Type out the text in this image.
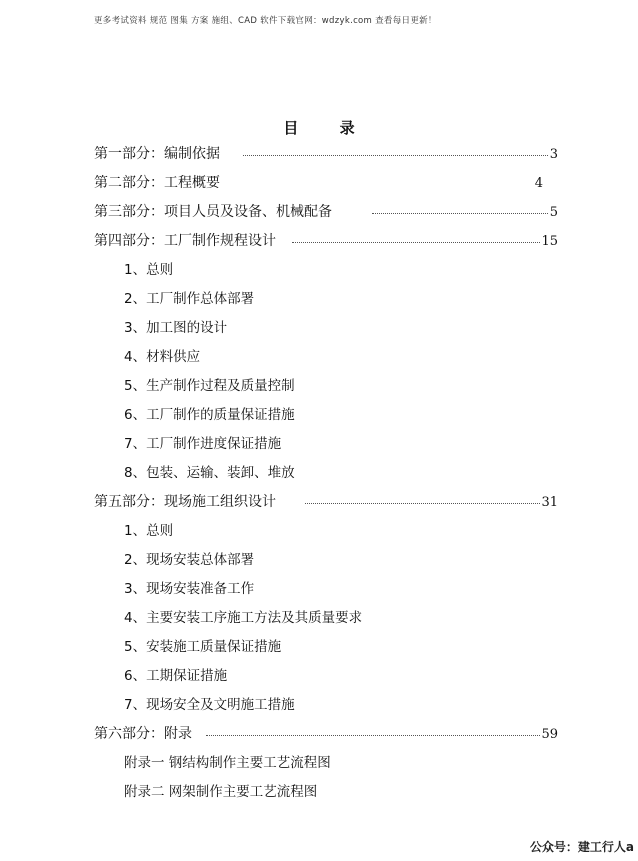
更多考试资料 规范 图集 方案 施组、CAD 软件下载官网：wdzyk.com 查看每日更新！
目 录
第一部分：编制依据	3
第二部分：工程概要	4
第三部分：项目人员及设备、机械配备	5
第四部分：工厂制作规程设计	15
1、总则
2、工厂制作总体部署
3、加工图的设计
4、材料供应
5、生产制作过程及质量控制
6、工厂制作的质量保证措施
7、工厂制作进度保证措施
8、包装、运输、装卸、堆放
第五部分：现场施工组织设计	31
1、总则
2、现场安装总体部署
3、现场安装准备工作
4、主要安装工序施工方法及其质量要求
5、安装施工质量保证措施
6、工期保证措施
7、现场安全及文明施工措施
第六部分：附录	59
附录一 钢结构制作主要工艺流程图
附录二 网架制作主要工艺流程图
公众号：建工行人a
